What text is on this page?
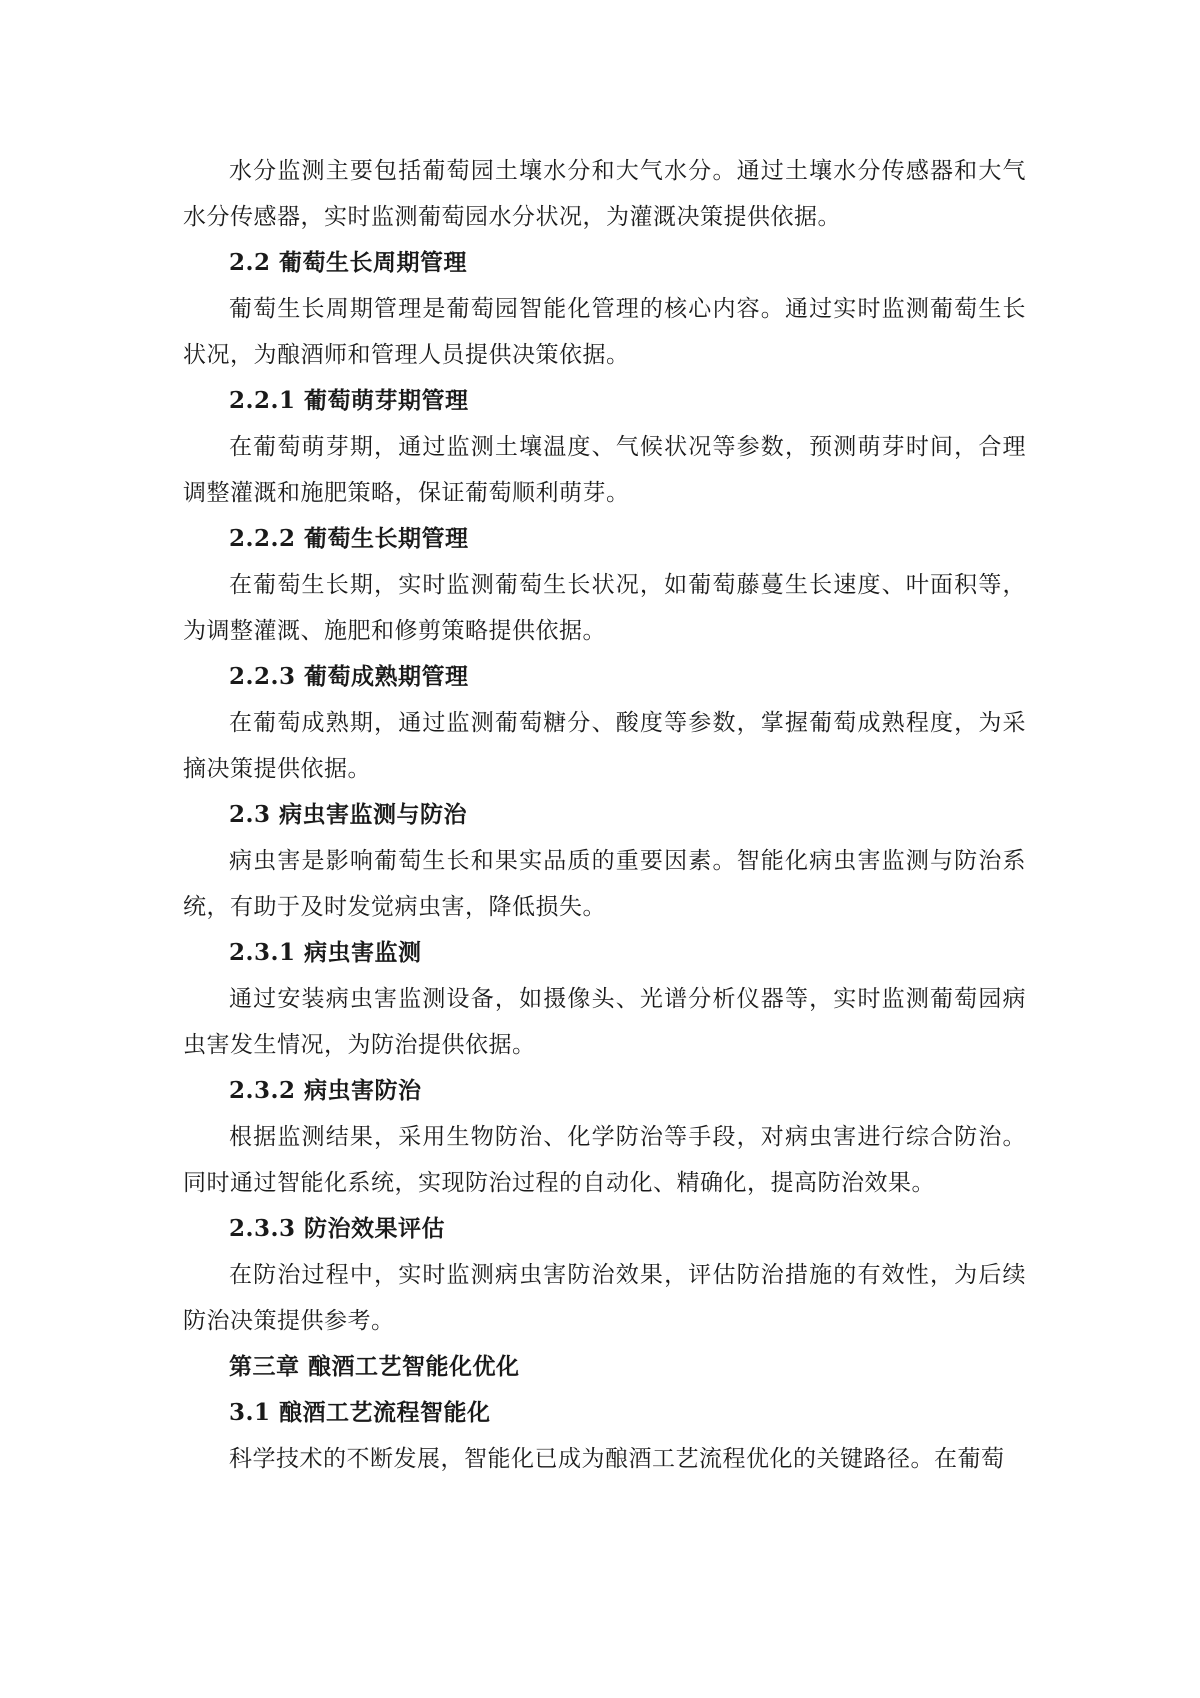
水分监测主要包括葡萄园土壤水分和大气水分。通过土壤水分传感器和大气水分传感器，实时监测葡萄园水分状况，为灌溉决策提供依据。

2.2 葡萄生长周期管理

葡萄生长周期管理是葡萄园智能化管理的核心内容。通过实时监测葡萄生长状况，为酿酒师和管理人员提供决策依据。

2.2.1 葡萄萌芽期管理

在葡萄萌芽期，通过监测土壤温度、气候状况等参数，预测萌芽时间，合理调整灌溉和施肥策略，保证葡萄顺利萌芽。

2.2.2 葡萄生长期管理

在葡萄生长期，实时监测葡萄生长状况，如葡萄藤蔓生长速度、叶面积等，为调整灌溉、施肥和修剪策略提供依据。

2.2.3 葡萄成熟期管理

在葡萄成熟期，通过监测葡萄糖分、酸度等参数，掌握葡萄成熟程度，为采摘决策提供依据。

2.3 病虫害监测与防治

病虫害是影响葡萄生长和果实品质的重要因素。智能化病虫害监测与防治系统，有助于及时发觉病虫害，降低损失。

2.3.1 病虫害监测

通过安装病虫害监测设备，如摄像头、光谱分析仪器等，实时监测葡萄园病虫害发生情况，为防治提供依据。

2.3.2 病虫害防治

根据监测结果，采用生物防治、化学防治等手段，对病虫害进行综合防治。同时通过智能化系统，实现防治过程的自动化、精确化，提高防治效果。

2.3.3 防治效果评估

在防治过程中，实时监测病虫害防治效果，评估防治措施的有效性，为后续防治决策提供参考。

第三章 酿酒工艺智能化优化

3.1 酿酒工艺流程智能化

科学技术的不断发展，智能化已成为酿酒工艺流程优化的关键路径。在葡萄
